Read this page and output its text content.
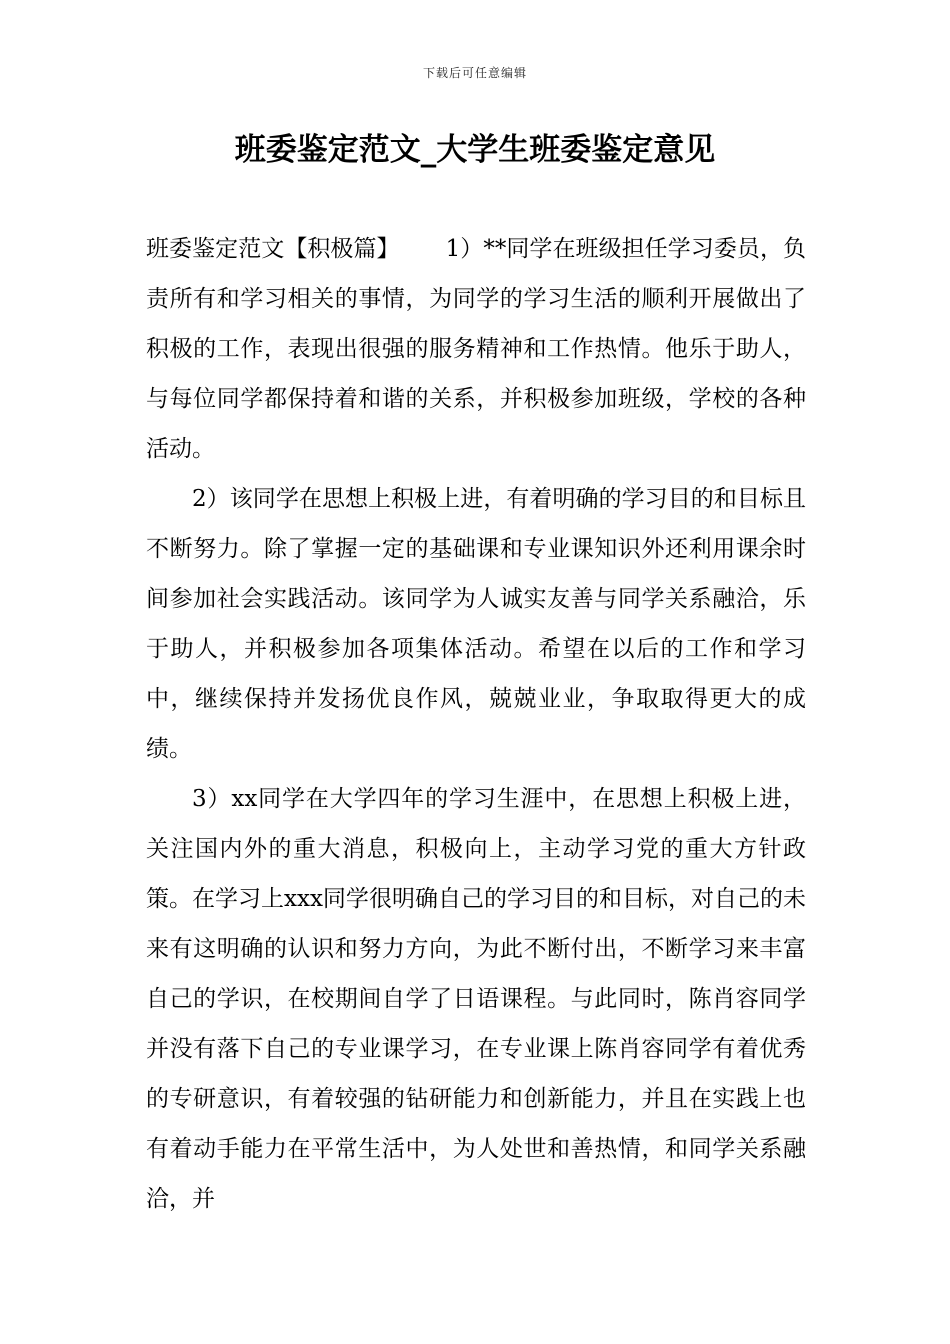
下载后可任意编辑
班委鉴定范文_大学生班委鉴定意见

班委鉴定范文【积极篇】 1）**同学在班级担任学习委员，负责所有和学习相关的事情，为同学的学习生活的顺利开展做出了积极的工作，表现出很强的服务精神和工作热情。他乐于助人，与每位同学都保持着和谐的关系，并积极参加班级，学校的各种活动。

2）该同学在思想上积极上进，有着明确的学习目的和目标且不断努力。除了掌握一定的基础课和专业课知识外还利用课余时间参加社会实践活动。该同学为人诚实友善与同学关系融洽，乐于助人，并积极参加各项集体活动。希望在以后的工作和学习中，继续保持并发扬优良作风，兢兢业业，争取取得更大的成绩。

3）xx同学在大学四年的学习生涯中，在思想上积极上进，关注国内外的重大消息，积极向上，主动学习党的重大方针政策。在学习上xxx同学很明确自己的学习目的和目标，对自己的未来有这明确的认识和努力方向，为此不断付出，不断学习来丰富自己的学识，在校期间自学了日语课程。与此同时，陈肖容同学并没有落下自己的专业课学习，在专业课上陈肖容同学有着优秀的专研意识，有着较强的钻研能力和创新能力，并且在实践上也有着动手能力在平常生活中，为人处世和善热情，和同学关系融洽，并
